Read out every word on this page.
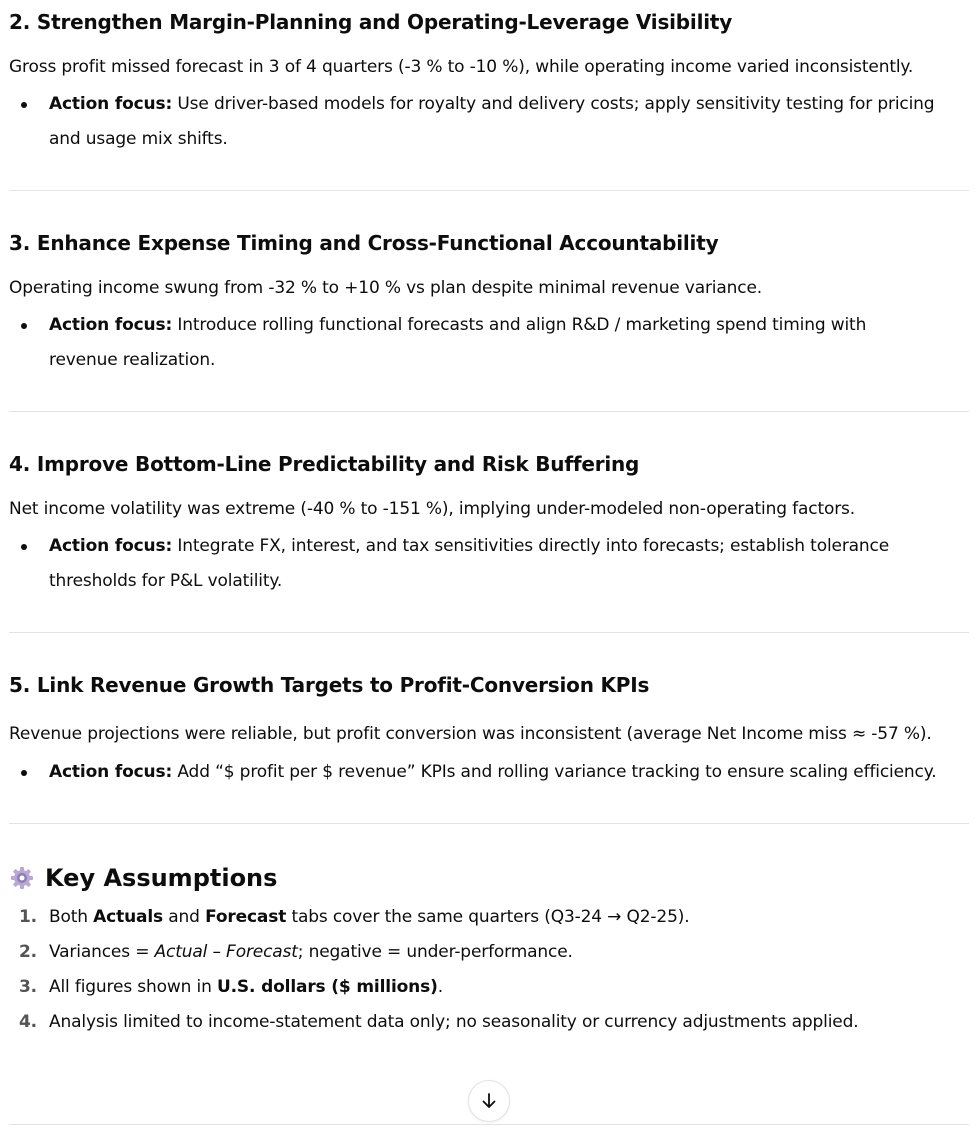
2. Strengthen Margin-Planning and Operating-Leverage Visibility

Gross profit missed forecast in 3 of 4 quarters (-3 % to -10 %), while operating income varied inconsistently.

Action focus: Use driver-based models for royalty and delivery costs; apply sensitivity testing for pricing and usage mix shifts.
3. Enhance Expense Timing and Cross-Functional Accountability

Operating income swung from -32 % to +10 % vs plan despite minimal revenue variance.

Action focus: Introduce rolling functional forecasts and align R&D / marketing spend timing with revenue realization.
4. Improve Bottom-Line Predictability and Risk Buffering

Net income volatility was extreme (-40 % to -151 %), implying under-modeled non-operating factors.

Action focus: Integrate FX, interest, and tax sensitivities directly into forecasts; establish tolerance thresholds for P&L volatility.
5. Link Revenue Growth Targets to Profit-Conversion KPIs

Revenue projections were reliable, but profit conversion was inconsistent (average Net Income miss ≈ -57 %).

Action focus: Add “$ profit per $ revenue” KPIs and rolling variance tracking to ensure scaling efficiency.
Key Assumptions
1. Both Actuals and Forecast tabs cover the same quarters (Q3-24 → Q2-25).
2. Variances = Actual – Forecast; negative = under-performance.
3. All figures shown in U.S. dollars ($ millions).
4. Analysis limited to income-statement data only; no seasonality or currency adjustments applied.
